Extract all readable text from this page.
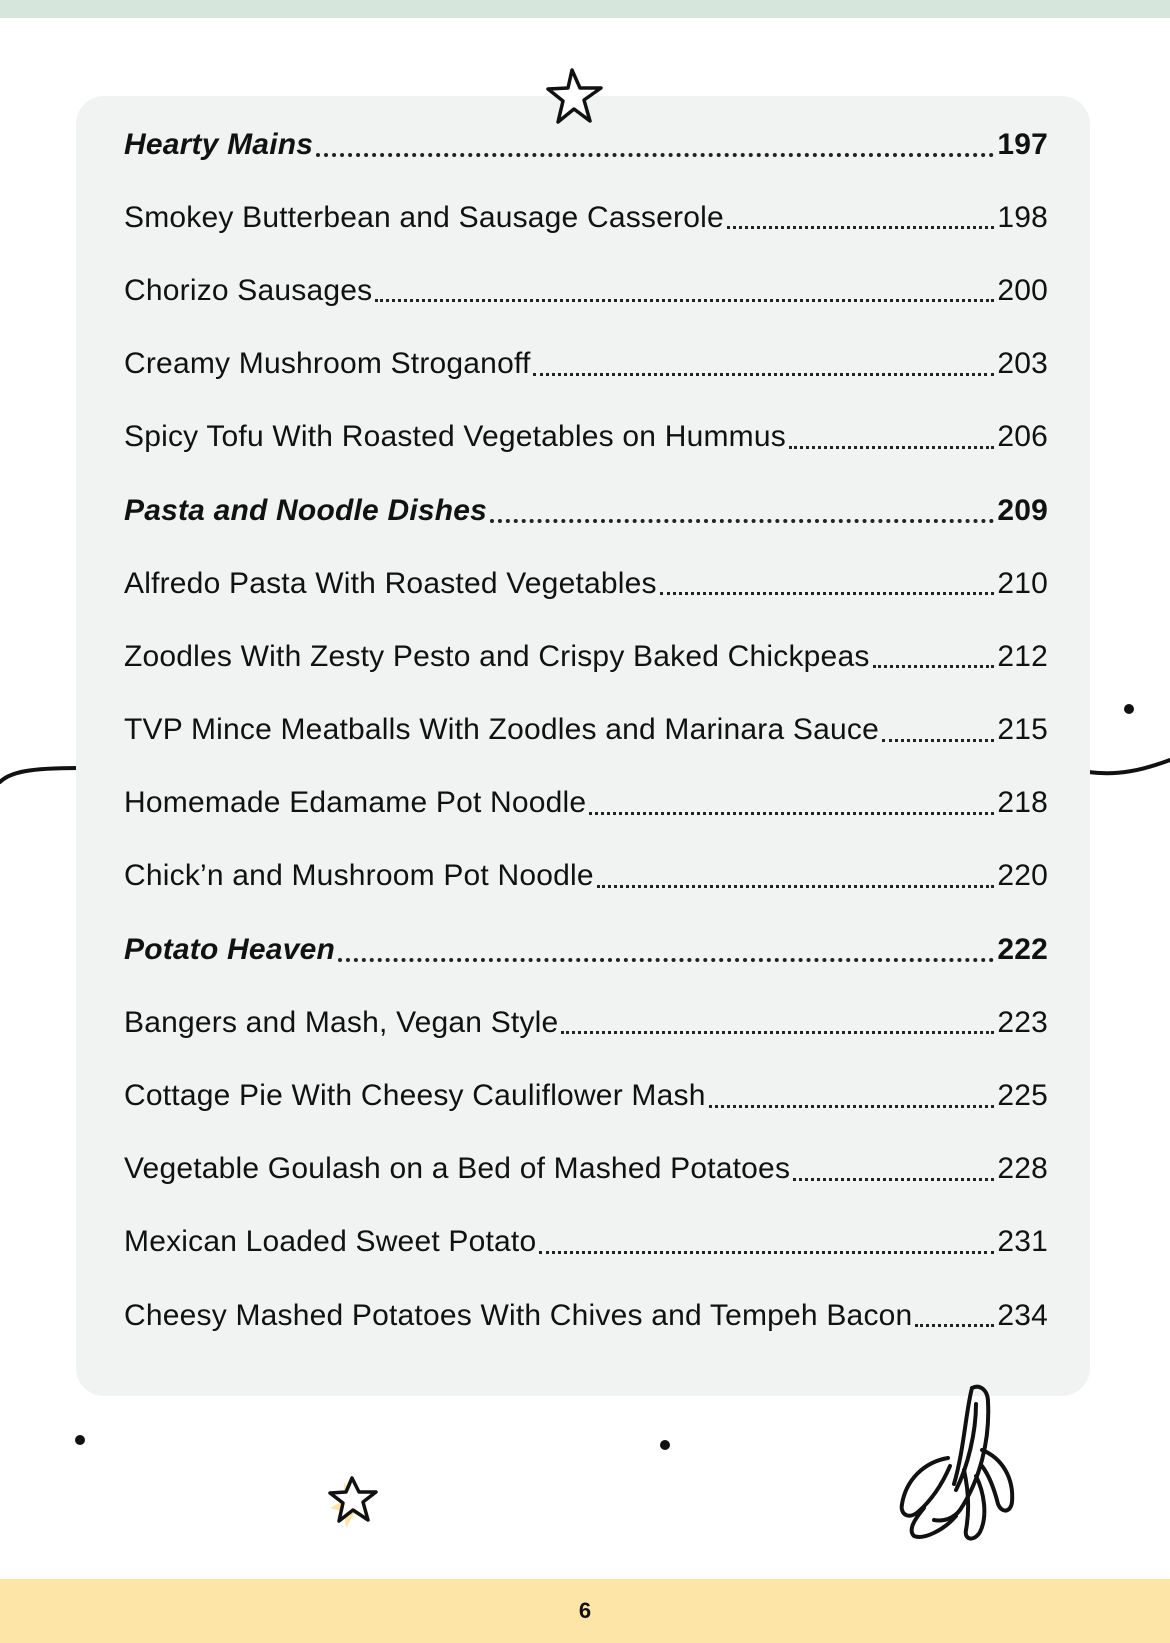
Hearty Mains	197
Smokey Butterbean and Sausage Casserole	198
Chorizo Sausages	200
Creamy Mushroom Stroganoff	203
Spicy Tofu With Roasted Vegetables on Hummus	206
Pasta and Noodle Dishes	209
Alfredo Pasta With Roasted Vegetables	210
Zoodles With Zesty Pesto and Crispy Baked Chickpeas	212
TVP Mince Meatballs With Zoodles and Marinara Sauce	215
Homemade Edamame Pot Noodle	218
Chick’n and Mushroom Pot Noodle	220
Potato Heaven	222
Bangers and Mash, Vegan Style	223
Cottage Pie With Cheesy Cauliflower Mash	225
Vegetable Goulash on a Bed of Mashed Potatoes	228
Mexican Loaded Sweet Potato	231
Cheesy Mashed Potatoes With Chives and Tempeh Bacon	234
6
